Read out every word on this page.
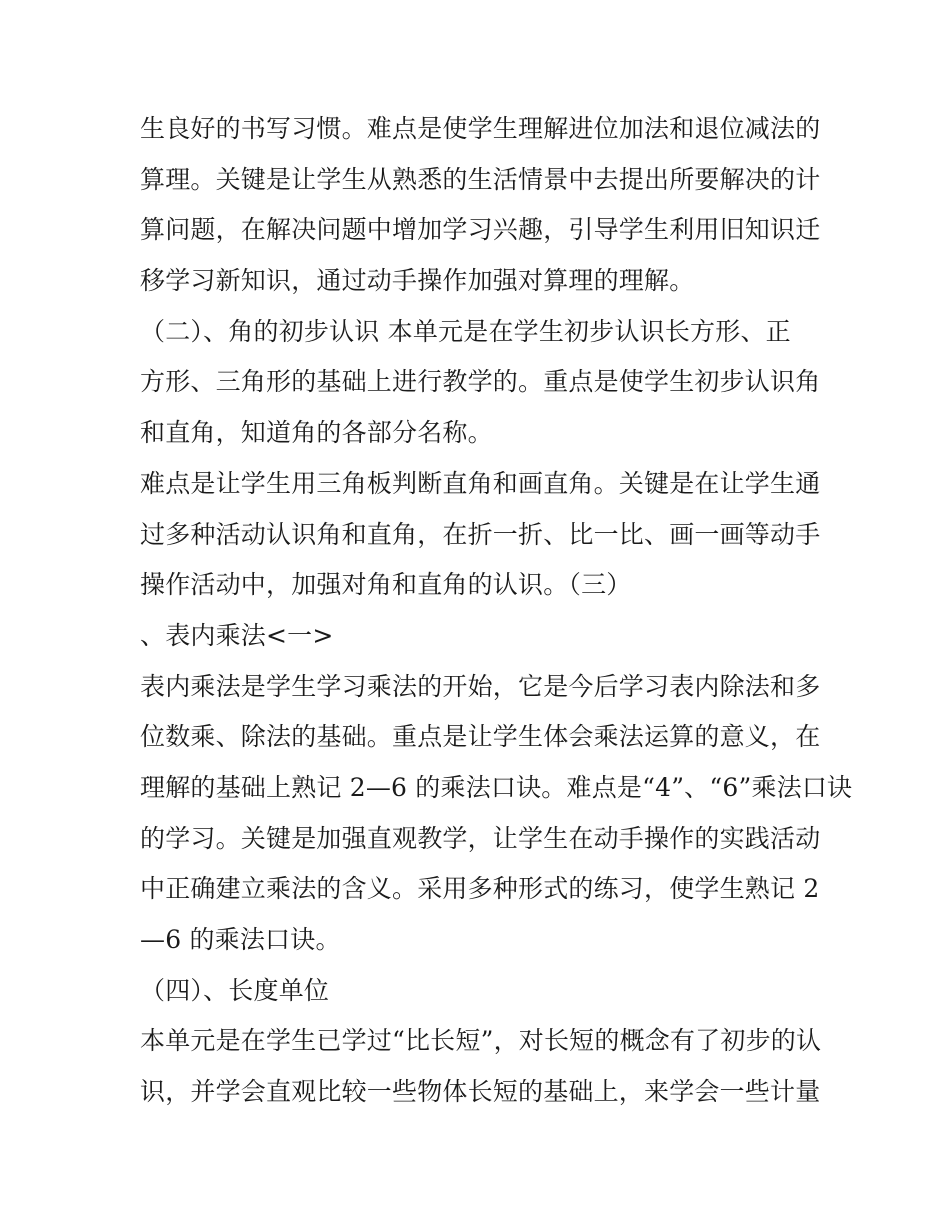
生良好的书写习惯。难点是使学生理解进位加法和退位减法的
算理。关键是让学生从熟悉的生活情景中去提出所要解决的计
算问题，在解决问题中增加学习兴趣，引导学生利用旧知识迁
移学习新知识，通过动手操作加强对算理的理解。
（二）、角的初步认识 本单元是在学生初步认识长方形、正
方形、三角形的基础上进行教学的。重点是使学生初步认识角
和直角，知道角的各部分名称。
难点是让学生用三角板判断直角和画直角。关键是在让学生通
过多种活动认识角和直角，在折一折、比一比、画一画等动手
操作活动中，加强对角和直角的认识。（三）
、表内乘法<一>
表内乘法是学生学习乘法的开始，它是今后学习表内除法和多
位数乘、除法的基础。重点是让学生体会乘法运算的意义，在
理解的基础上熟记 2—6 的乘法口诀。难点是“4”、“6”乘法口诀
的学习。关键是加强直观教学，让学生在动手操作的实践活动
中正确建立乘法的含义。采用多种形式的练习，使学生熟记 2
—6 的乘法口诀。
（四）、长度单位
本单元是在学生已学过“比长短”，对长短的概念有了初步的认
识，并学会直观比较一些物体长短的基础上，来学会一些计量
